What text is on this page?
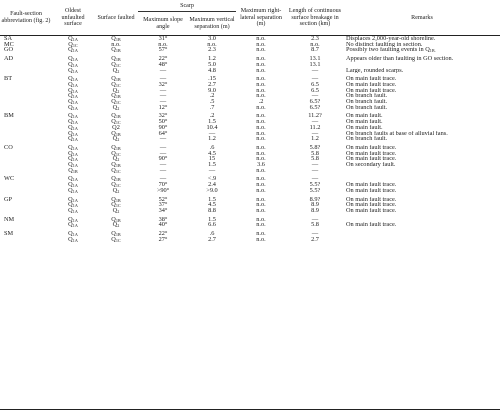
Fault-section abbreviation (fig. 2)	Oldest unfaulted surface	Surface faulted	Scarp		Maximum right-lateral separation (m)	Length of continuous surface breakage in section (km)	Remarks
			Maximum slope angle	Maximum vertical separation (m)			

SA	$Q_{1A}$	$Q_{1B}$	31°	3.0	n.o.	2.3	Displaces 2,000-year-old shoreline.
MC	$Q_{1C}$	n.o.	n.o.	n.o.	n.o.	n.o.	No distinct faulting in section.
GO	$Q_{1A}$	$Q_{1B}$	57°	2.3	n.o.	8.7	Possibly two faulting events in $Q_{1B.}$

AD	$Q_{1A}$	$Q_{1B}$	22°	1.2	n.o.	13.1	Appears older than faulting in GO section.
	$Q_{1A}$	$Q_{1C}$	48°	5.0	n.o.	13.1	
	$Q_{1A}$	$Q_2$	—	4.8	n.o.	—	Large, rounded scarps.

BT	$Q_{1A}$	$Q_{1B}$	—	.15	n.o.	—	On main fault trace.
	$Q_{1A}$	$Q_{1C}$	32°	2.7	n.o.	6.5	On main fault trace.
	$Q_{1A}$	$Q_2$	—	9.0	n.o.	6.5	On main fault trace.
	$Q_{1A}$	$Q_{1B}$	—	.2	n.o.	—	On branch fault.
	$Q_{1A}$	$Q_{1C}$	—	.5	.2	6.5?	On branch fault.
	$Q_{1A}$	$Q_2$	12°	.7	n.o.	6.5?	On branch fault.

BM	$Q_{1A}$	$Q_{1B}$	32°	.2	n.o.	11.2?	On main fault.
	$Q_{1A}$	$Q_{1C}$	50°	1.5	n.o.	—	On main fault.
	$Q_{1A}$	Q2	90°	10.4	n.o.	11.2	On main fault.
	$Q_{1A}$	$Q_{1B}$	64°	—	n.o.	—	On branch faults at base of alluvial fans.
	$Q_{1A}$	$Q_2$	—	1.2	n.o.	1.2	On branch fault.

CO	$Q_{1A}$	$Q_{1B}$	—	.6	n.o.	5.8?	On main fault trace.
	$Q_{1A}$	$Q_{1C}$	—	4.5	n.o.	5.8	On main fault trace.
	$Q_{1A}$	$Q_2$	90°	15	n.o.	5.8	On main fault trace.
	$Q_{1A}$	$Q_{1B}$	—	1.5	3.6	—	On secondary fault.
	$Q_{1B}$	$Q_{1C}$	—	—	n.o.	—	

WC	$Q_{1A}$	$Q_{1B}$	—	<.9	n.o.	—	
	$Q_{1A}$	$Q_{1C}$	70°	2.4	n.o.	5.5?	On main fault trace.
	$Q_{1A}$	$Q_2$	>90°	>9.0	n.o.	5.5?	On main fault trace.

GP	$Q_{1A}$	$Q_{1B}$	52°	1.5	n.o.	8.9?	On main fault trace.
	$Q_{1A}$	$Q_{1C}$	37°	4.5	n.o.	8.9	On main fault trace.
	$Q_{1A}$	$Q_2$	34°	8.8	n.o.	8.9	On main fault trace.

NM	$Q_{1A}$	$Q_{1B}$	38°	1.5	n.o.	—	
	$Q_{1A}$	$Q_2$	40°	6.6	n.o.	5.8	On main fault trace.

SM	$Q_{1A}$	$Q_{1B}$	22°	.6	n.o.	—	
	$Q_{1A}$	$Q_{1C}$	27°	2.7	n.o.	2.7	
